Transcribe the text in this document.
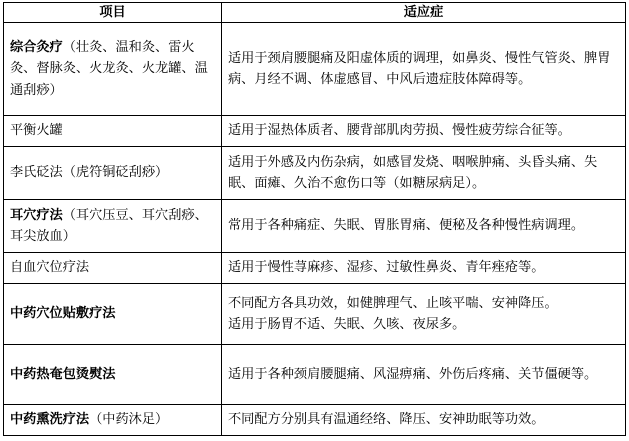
项目	适应症
综合灸疗（壮灸、温和灸、雷火灸、督脉灸、火龙灸、火龙罐、温通刮痧）	适用于颈肩腰腿痛及阳虚体质的调理，如鼻炎、慢性气管炎、脾胃病、月经不调、体虚感冒、中风后遗症肢体障碍等。

平衡火罐	适用于湿热体质者、腰背部肌肉劳损、慢性疲劳综合征等。

李氏砭法（虎符铜砭刮痧）	适用于外感及内伤杂病，如感冒发烧、咽喉肿痛、头昏头痛、失眠、面瘫、久治不愈伤口等（如糖尿病足）。

耳穴疗法（耳穴压豆、耳穴刮痧、耳尖放血）	常用于各种痛症、失眠、胃胀胃痛、便秘及各种慢性病调理。

自血穴位疗法	适用于慢性荨麻疹、湿疹、过敏性鼻炎、青年痤疮等。

中药穴位贴敷疗法	不同配方各具功效，如健脾理气、止咳平喘、安神降压。
适用于肠胃不适、失眠、久咳、夜尿多。

中药热奄包烫熨法	适用于各种颈肩腰腿痛、风湿痹痛、外伤后疼痛、关节僵硬等。

中药熏洗疗法（中药沐足）	不同配方分别具有温通经络、降压、安神助眠等功效。
